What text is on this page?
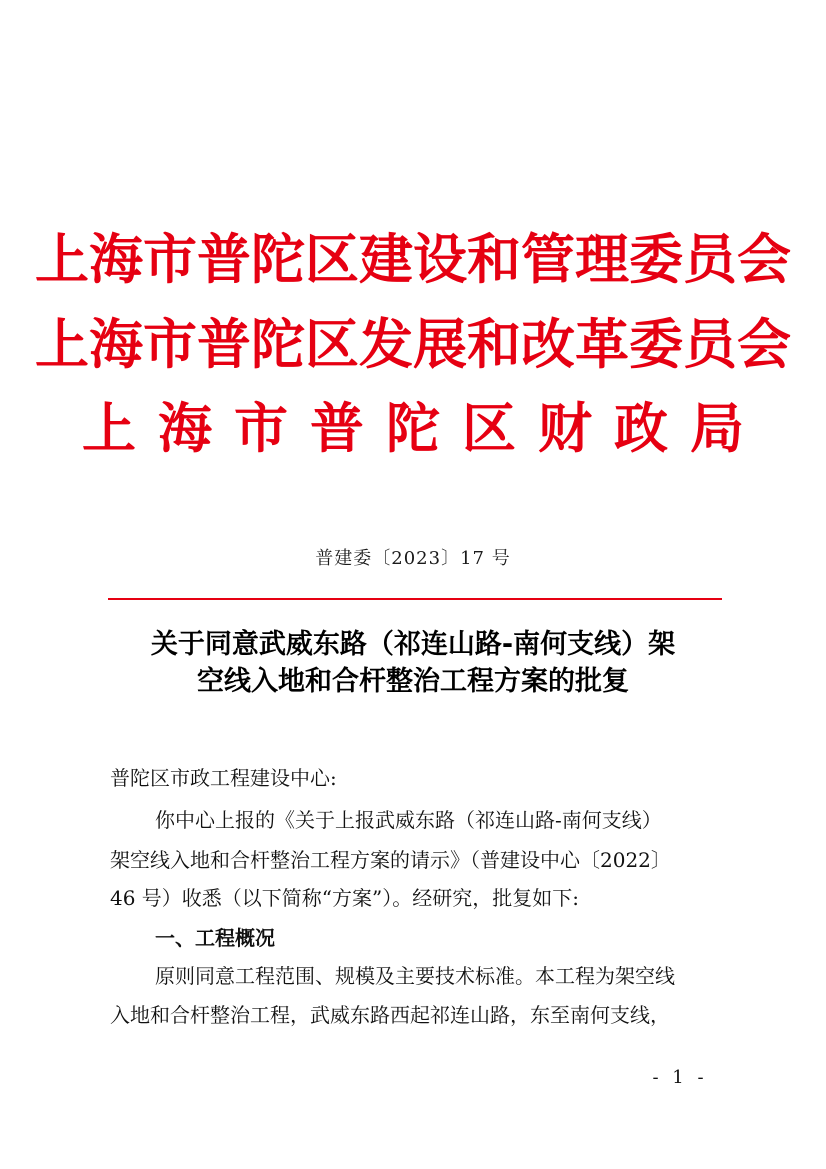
上海市普陀区建设和管理委员会
上海市普陀区发展和改革委员会
上海市普陀区财政局
普建委〔2023〕17 号
关于同意武威东路（祁连山路-南何支线）架
空线入地和合杆整治工程方案的批复
普陀区市政工程建设中心:
你中心上报的《关于上报武威东路（祁连山路-南何支线）
架空线入地和合杆整治工程方案的请示》（普建设中心〔2022〕
46 号）收悉（以下简称“方案”）。经研究，批复如下:
一、工程概况
原则同意工程范围、规模及主要技术标准。本工程为架空线
入地和合杆整治工程，武威东路西起祁连山路，东至南何支线，
- 1 -
